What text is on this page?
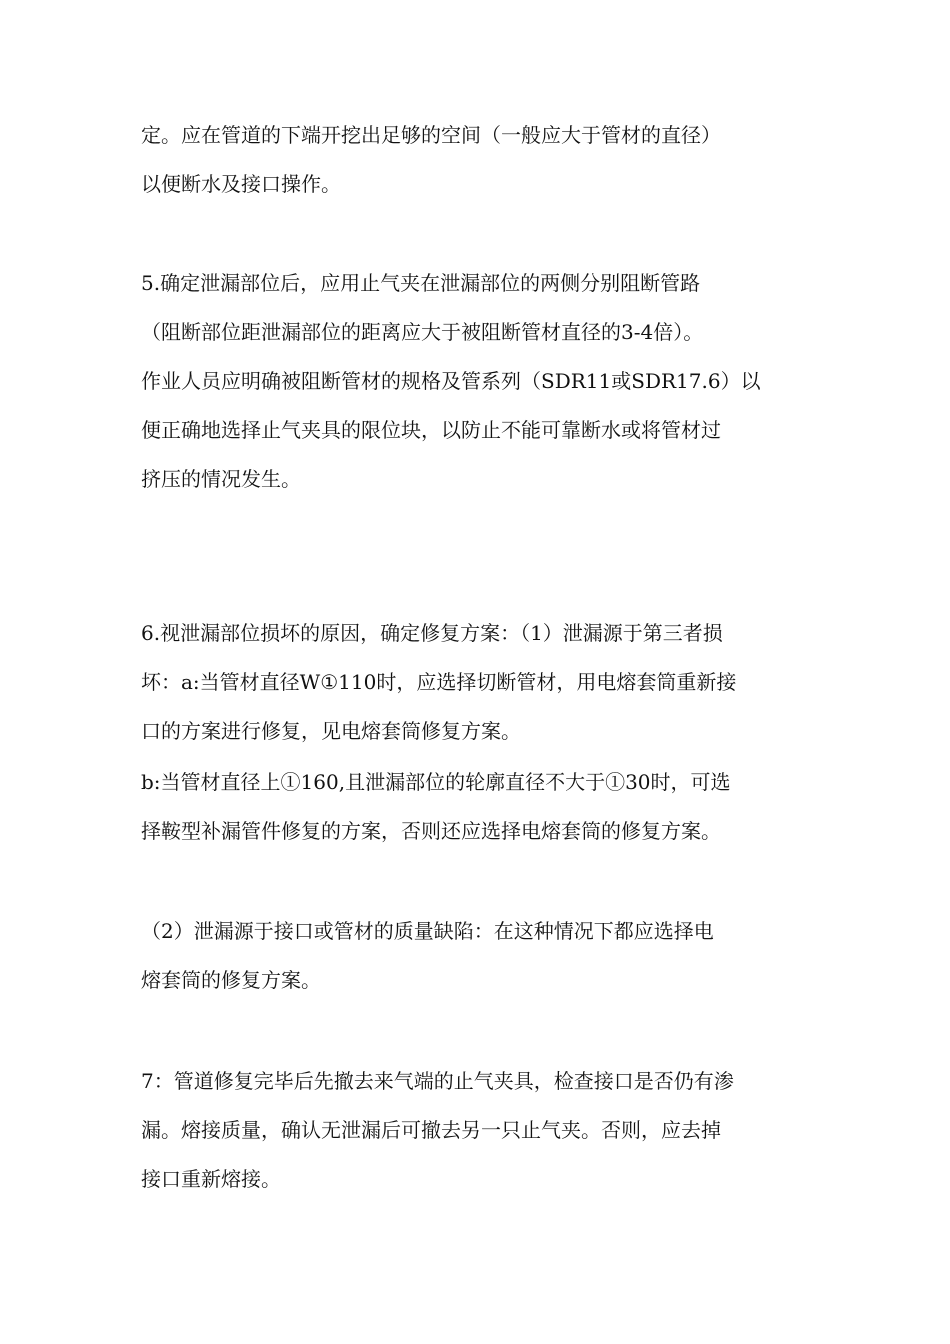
定。应在管道的下端开挖出足够的空间（一般应大于管材的直径）
以便断水及接口操作。

5.确定泄漏部位后，应用止气夹在泄漏部位的两侧分别阻断管路
（阻断部位距泄漏部位的距离应大于被阻断管材直径的3-4倍）。
作业人员应明确被阻断管材的规格及管系列（SDR11或SDR17.6）以
便正确地选择止气夹具的限位块，以防止不能可靠断水或将管材过
挤压的情况发生。

6.视泄漏部位损坏的原因，确定修复方案：（1）泄漏源于第三者损
坏：a:当管材直径W①110时，应选择切断管材，用电熔套筒重新接
口的方案进行修复，见电熔套筒修复方案。

b:当管材直径上①160,且泄漏部位的轮廓直径不大于①30时，可选
择鞍型补漏管件修复的方案，否则还应选择电熔套筒的修复方案。

（2）泄漏源于接口或管材的质量缺陷：在这种情况下都应选择电
熔套筒的修复方案。

7：管道修复完毕后先撤去来气端的止气夹具，检查接口是否仍有渗
漏。熔接质量，确认无泄漏后可撤去另一只止气夹。否则，应去掉
接口重新熔接。
